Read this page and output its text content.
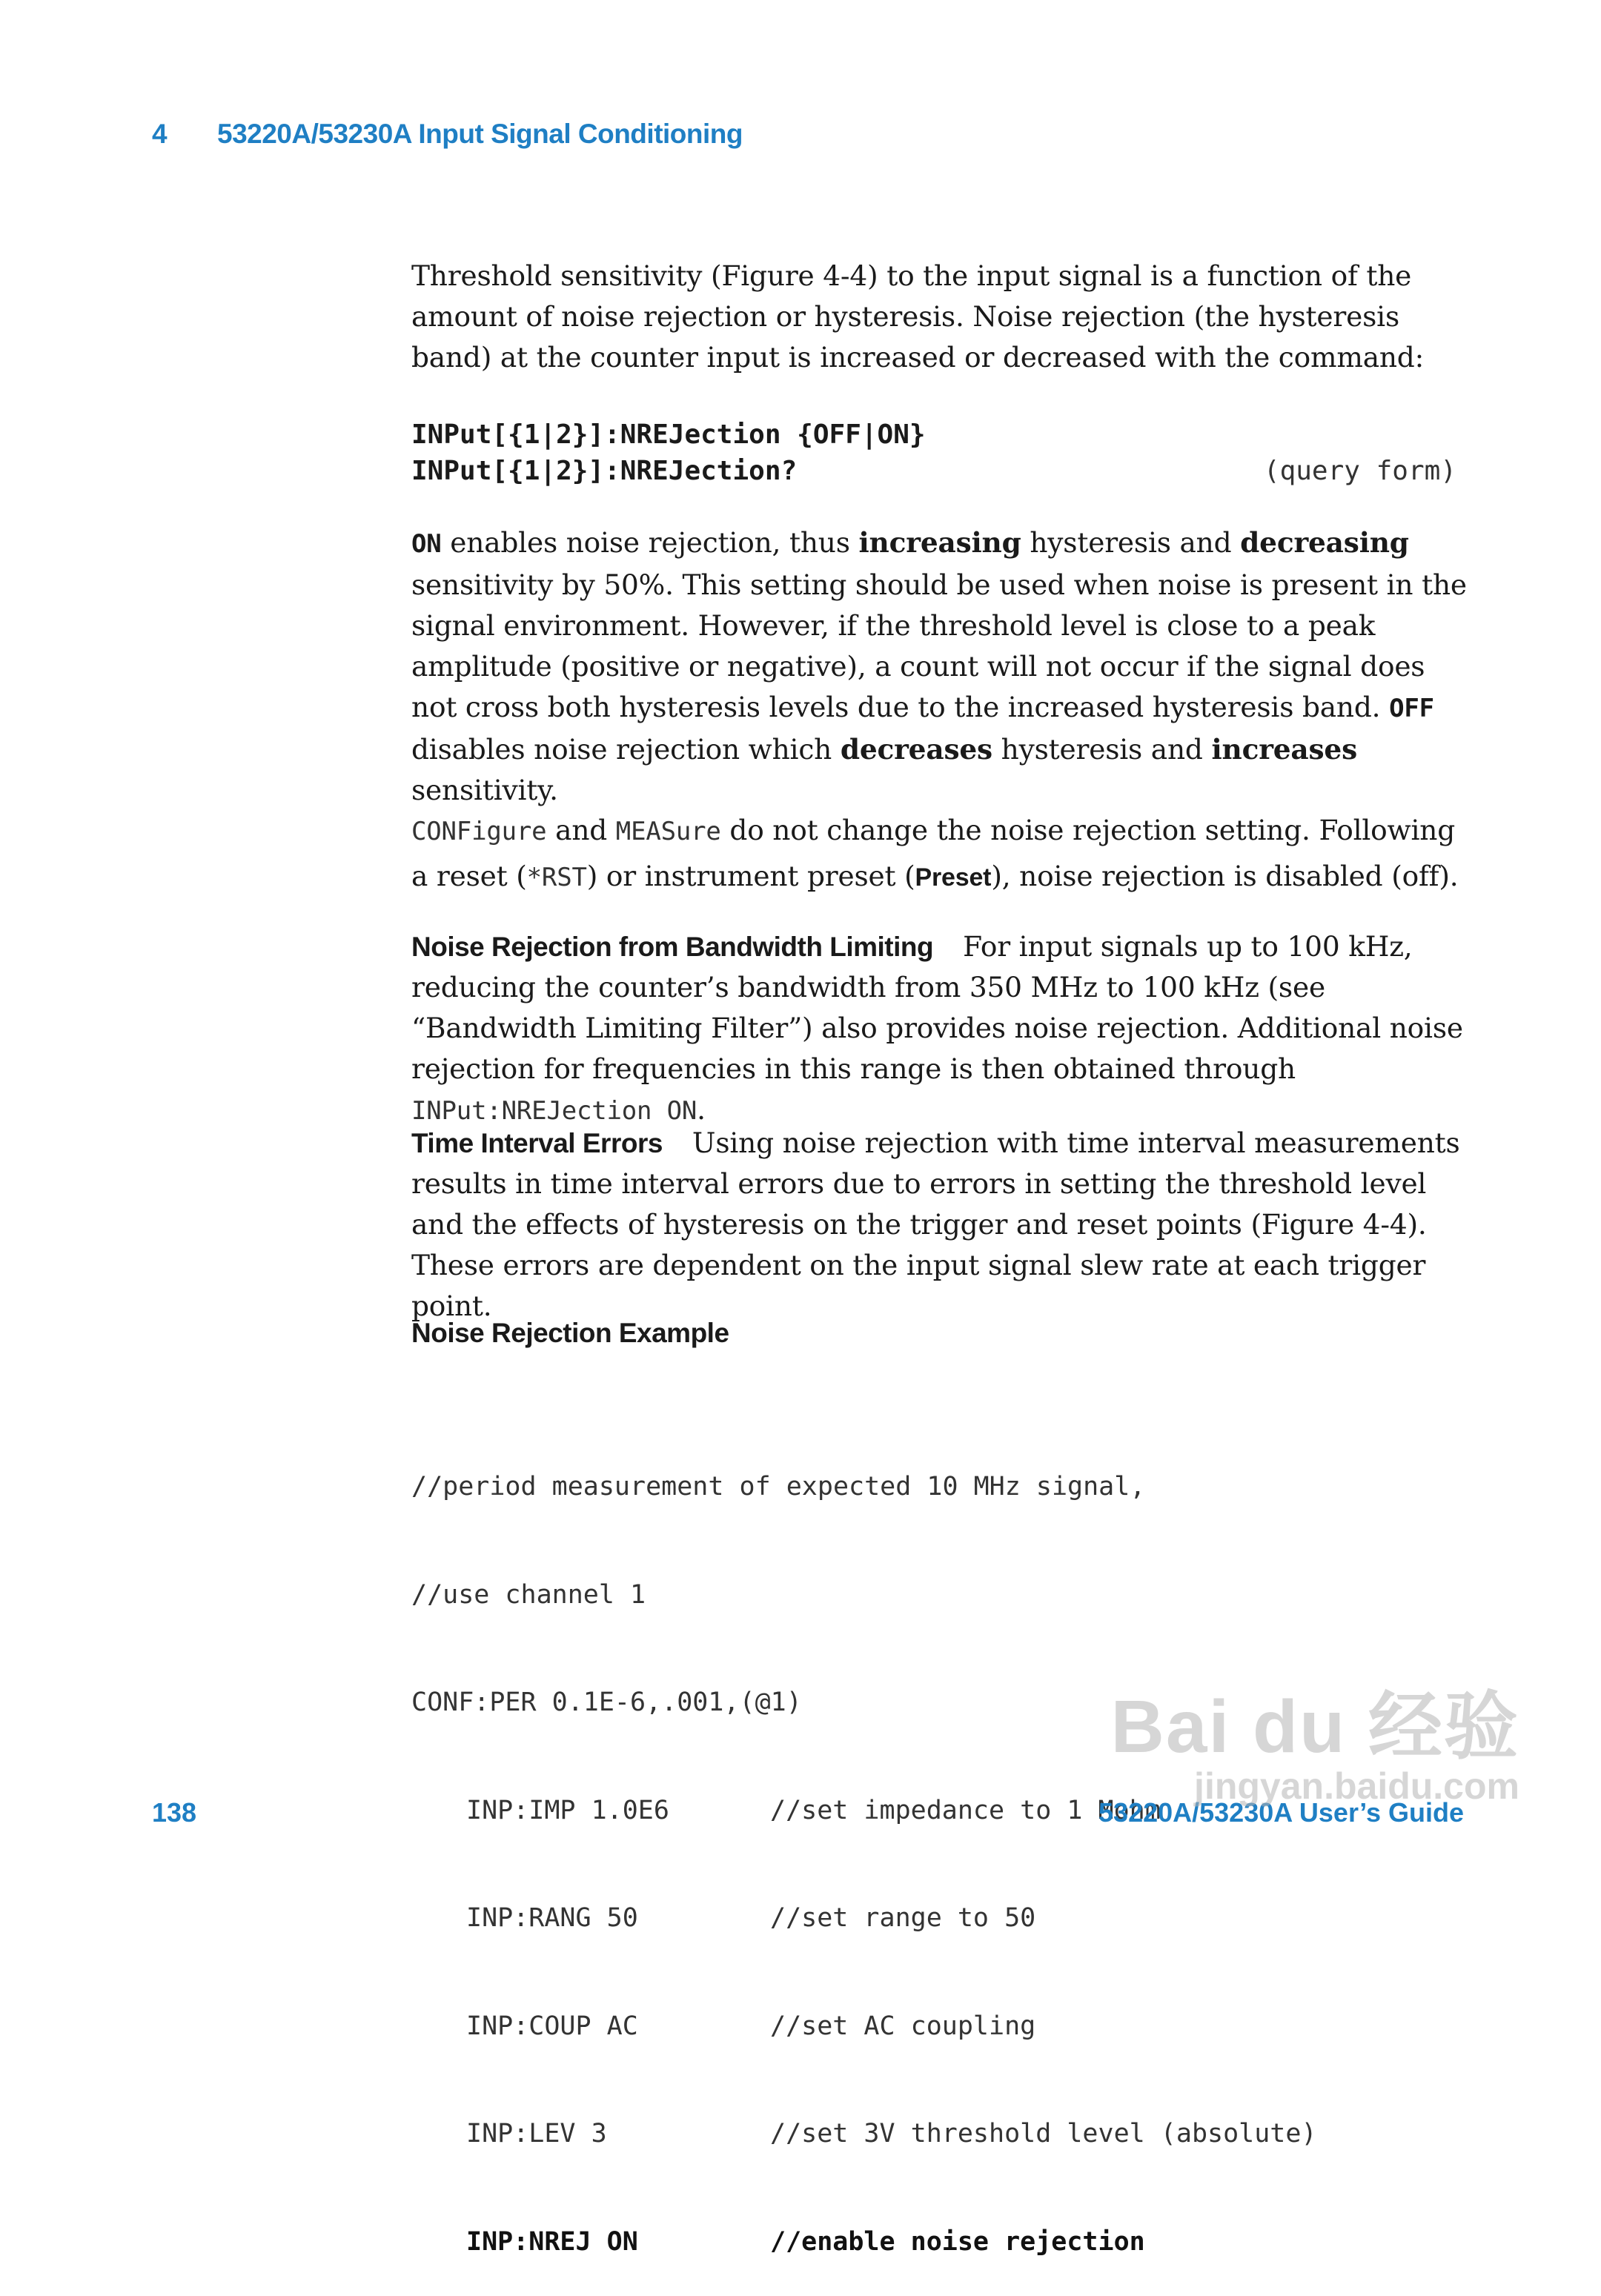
4 53220A/53230A Input Signal Conditioning

Threshold sensitivity (Figure 4-4) to the input signal is a function of the amount of noise rejection or hysteresis. Noise rejection (the hysteresis band) at the counter input is increased or decreased with the command:

INPut[{1|2}]:NREJection {OFF|ON}
INPut[{1|2}]:NREJection?	(query form)

ON enables noise rejection, thus increasing hysteresis and decreasing sensitivity by 50%. This setting should be used when noise is present in the signal environment. However, if the threshold level is close to a peak amplitude (positive or negative), a count will not occur if the signal does not cross both hysteresis levels due to the increased hysteresis band. OFF disables noise rejection which decreases hysteresis and increases sensitivity.

CONFigure and MEASure do not change the noise rejection setting. Following a reset (*RST) or instrument preset (Preset), noise rejection is disabled (off).

Noise Rejection from Bandwidth Limiting For input signals up to 100 kHz, reducing the counter’s bandwidth from 350 MHz to 100 kHz (see “Bandwidth Limiting Filter”) also provides noise rejection. Additional noise rejection for frequencies in this range is then obtained through INPut:NREJection ON.

Time Interval Errors Using noise rejection with time interval measurements results in time interval errors due to errors in setting the threshold level and the effects of hysteresis on the trigger and reset points (Figure 4-4). These errors are dependent on the input signal slew rate at each trigger point.

Noise Rejection Example

//period measurement of expected 10 MHz signal,

//use channel 1

CONF:PER 0.1E-6,.001,(@1)

INP:IMP 1.0E6	//set impedance to 1 Mohm

INP:RANG 50	//set range to 50

INP:COUP AC	//set AC coupling

INP:LEV 3	//set 3V threshold level (absolute)

INP:NREJ ON	//enable noise rejection

138	53220A/53230A User’s Guide
Bai du 经验
jingyan.baidu.com
